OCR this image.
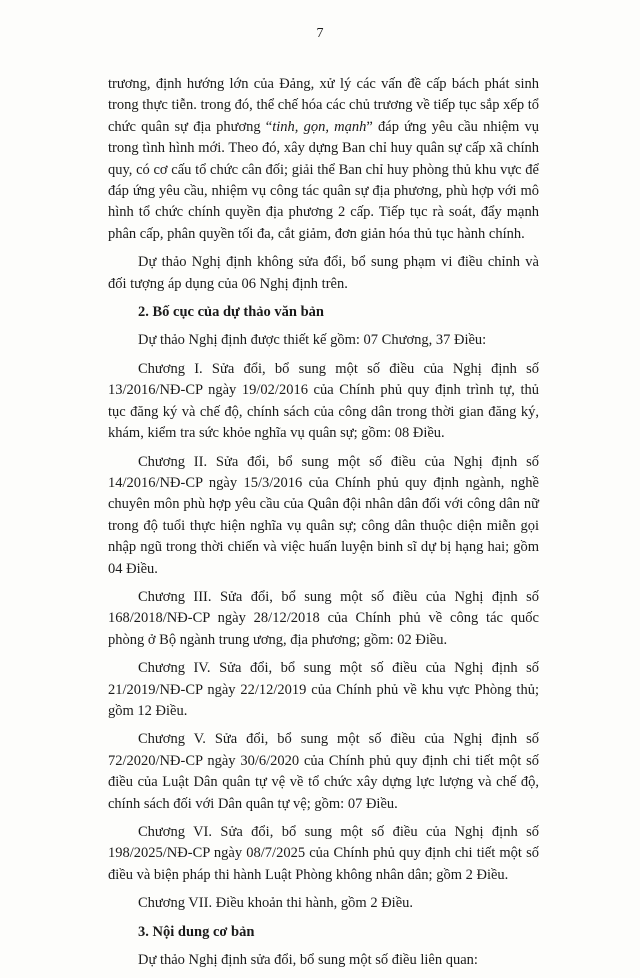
7

trương, định hướng lớn của Đảng, xử lý các vấn đề cấp bách phát sinh trong thực tiễn. trong đó, thể chế hóa các chủ trương về tiếp tục sắp xếp tổ chức quân sự địa phương “tinh, gọn, mạnh” đáp ứng yêu cầu nhiệm vụ trong tình hình mới. Theo đó, xây dựng Ban chỉ huy quân sự cấp xã chính quy, có cơ cấu tổ chức cân đối; giải thể Ban chỉ huy phòng thủ khu vực để đáp ứng yêu cầu, nhiệm vụ công tác quân sự địa phương, phù hợp với mô hình tổ chức chính quyền địa phương 2 cấp. Tiếp tục rà soát, đẩy mạnh phân cấp, phân quyền tối đa, cắt giảm, đơn giản hóa thủ tục hành chính.

Dự thảo Nghị định không sửa đổi, bổ sung phạm vi điều chỉnh và đối tượng áp dụng của 06 Nghị định trên.

2. Bố cục của dự thảo văn bản

Dự thảo Nghị định được thiết kế gồm: 07 Chương, 37 Điều:

Chương I. Sửa đổi, bổ sung một số điều của Nghị định số 13/2016/NĐ-CP ngày 19/02/2016 của Chính phủ quy định trình tự, thủ tục đăng ký và chế độ, chính sách của công dân trong thời gian đăng ký, khám, kiểm tra sức khỏe nghĩa vụ quân sự; gồm: 08 Điều.

Chương II. Sửa đổi, bổ sung một số điều của Nghị định số 14/2016/NĐ-CP ngày 15/3/2016 của Chính phủ quy định ngành, nghề chuyên môn phù hợp yêu cầu của Quân đội nhân dân đối với công dân nữ trong độ tuổi thực hiện nghĩa vụ quân sự; công dân thuộc diện miễn gọi nhập ngũ trong thời chiến và việc huấn luyện binh sĩ dự bị hạng hai; gồm 04 Điều.

Chương III. Sửa đổi, bổ sung một số điều của Nghị định số 168/2018/NĐ-CP ngày 28/12/2018 của Chính phủ về công tác quốc phòng ở Bộ ngành trung ương, địa phương; gồm: 02 Điều.

Chương IV. Sửa đổi, bổ sung một số điều của Nghị định số 21/2019/NĐ-CP ngày 22/12/2019 của Chính phủ về khu vực Phòng thủ; gồm 12 Điều.

Chương V. Sửa đổi, bổ sung một số điều của Nghị định số 72/2020/NĐ-CP ngày 30/6/2020 của Chính phủ quy định chi tiết một số điều của Luật Dân quân tự vệ về tổ chức xây dựng lực lượng và chế độ, chính sách đối với Dân quân tự vệ; gồm: 07 Điều.

Chương VI. Sửa đổi, bổ sung một số điều của Nghị định số 198/2025/NĐ-CP ngày 08/7/2025 của Chính phủ quy định chi tiết một số điều và biện pháp thi hành Luật Phòng không nhân dân; gồm 2 Điều.

Chương VII. Điều khoản thi hành, gồm 2 Điều.

3. Nội dung cơ bản

Dự thảo Nghị định sửa đổi, bổ sung một số điều liên quan:
